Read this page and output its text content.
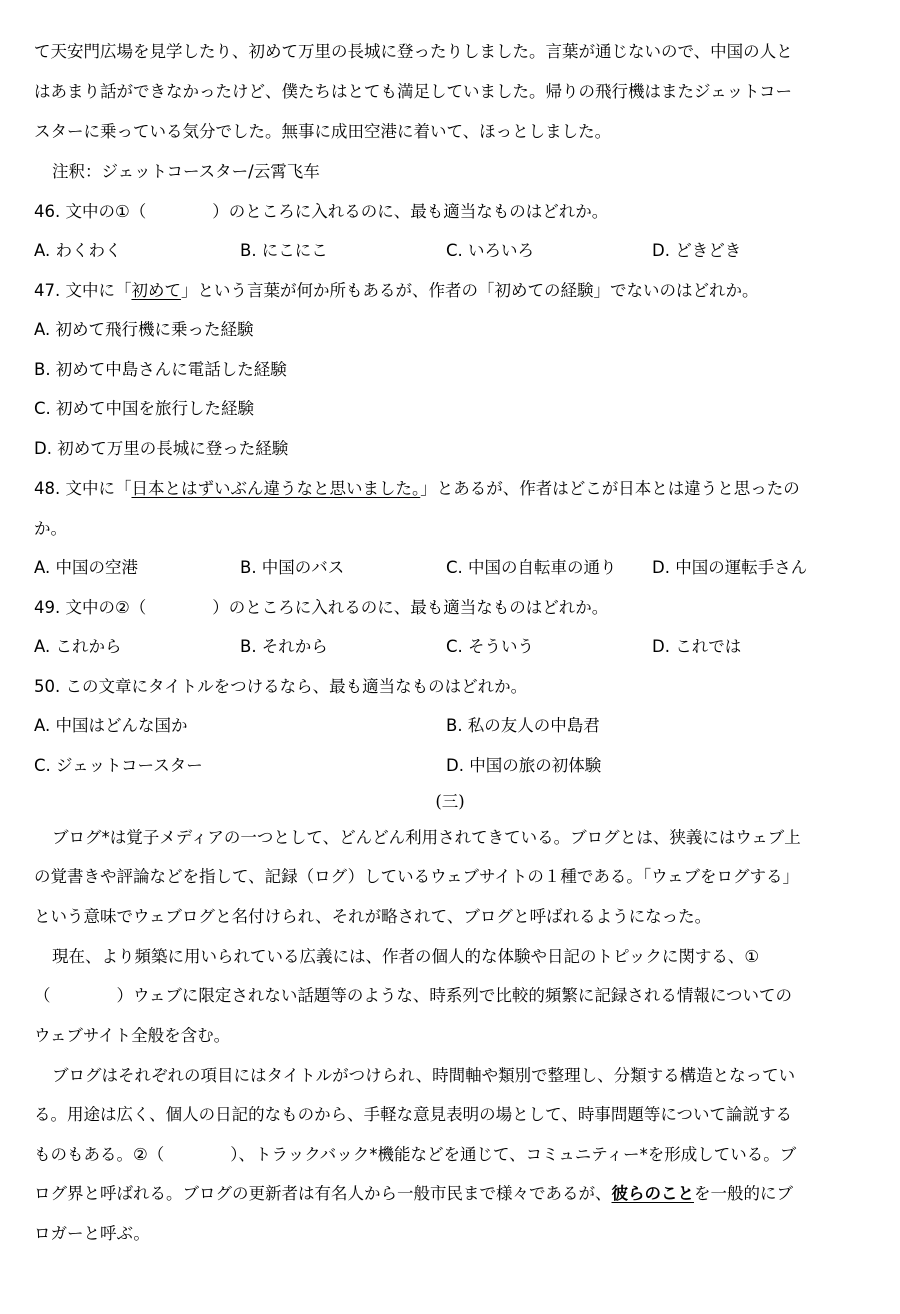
て天安門広場を見学したり、初めて万里の長城に登ったりしました。言葉が通じないので、中国の人と
はあまり話ができなかったけど、僕たちはとても満足していました。帰りの飛行機はまたジェットコー
スターに乗っている気分でした。無事に成田空港に着いて、ほっとしました。
注釈：ジェットコースター/云霄飞车
46. 文中の①（　　　　）のところに入れるのに、最も適当なものはどれか。
A. わくわく	B. にこにこ	C. いろいろ	D. どきどき
47. 文中に「初めて」という言葉が何か所もあるが、作者の「初めての経験」でないのはどれか。
A. 初めて飛行機に乗った経験
B. 初めて中島さんに電話した経験
C. 初めて中国を旅行した経験
D. 初めて万里の長城に登った経験
48. 文中に「日本とはずいぶん違うなと思いました。」とあるが、作者はどこが日本とは違うと思ったの
か。
A. 中国の空港	B. 中国のバス	C. 中国の自転車の通り D. 中国の運転手さん
49. 文中の②（　　　　）のところに入れるのに、最も適当なものはどれか。
A. これから	B. それから	C. そういう	D. これでは
50. この文章にタイトルをつけるなら、最も適当なものはどれか。
A. 中国はどんな国か	B. 私の友人の中島君
C. ジェットコースター	D. 中国の旅の初体験
(三)
ブログ*は覚子メディアの一つとして、どんどん利用されてきている。ブログとは、狭義にはウェブ上
の覚書きや評論などを指して、記録（ログ）しているウェブサイトの１種である。「ウェブをログする」
という意味でウェブログと名付けられ、それが略されて、ブログと呼ばれるようになった。
現在、より頻築に用いられている広義には、作者の個人的な体験や日記のトピックに関する、①
（　　　　）ウェブに限定されない話題等のような、時系列で比較的頻繁に記録される情報についての
ウェブサイト全般を含む。
ブログはそれぞれの項目にはタイトルがつけられ、時間軸や類別で整理し、分類する構造となってい
る。用途は広く、個人の日記的なものから、手軽な意見表明の場として、時事問題等について論説する
ものもある。②（　　　　）、トラックバック*機能などを通じて、コミュニティー*を形成している。ブ
ログ界と呼ばれる。ブログの更新者は有名人から一般市民まで様々であるが、彼らのことを一般的にブ
ロガーと呼ぶ。
